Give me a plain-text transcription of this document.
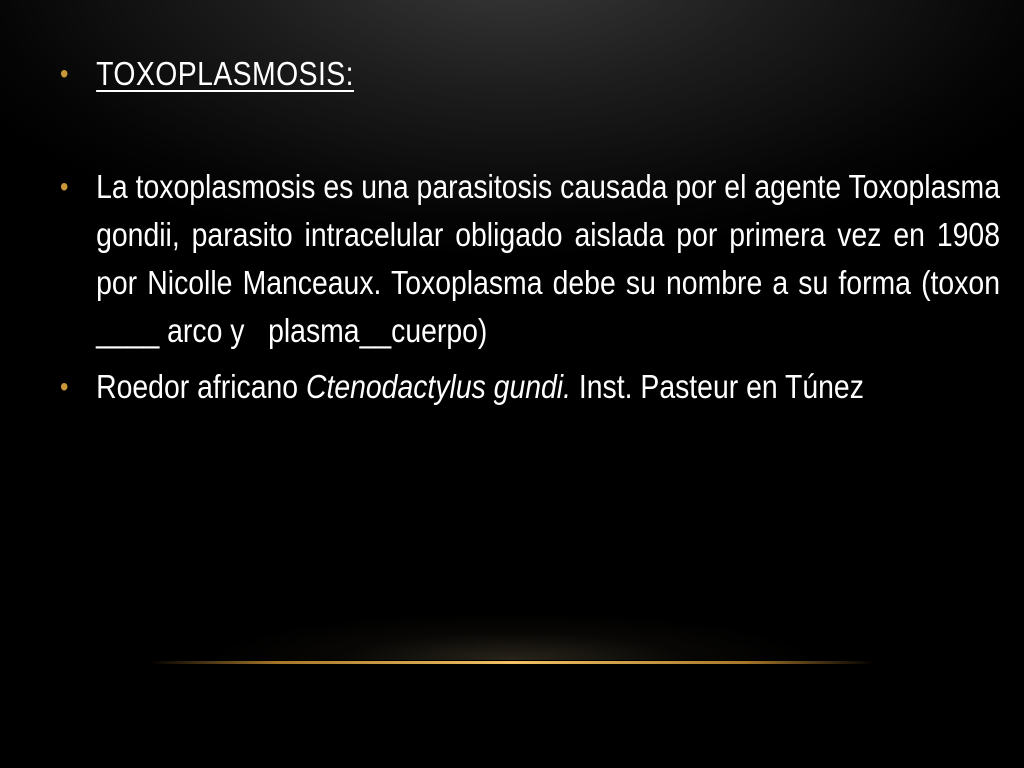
• TOXOPLASMOSIS:
• La toxoplasmosis es una parasitosis causada por el agente Toxoplasma gondii, parasito intracelular obligado aislada por primera vez en 1908 por Nicolle Manceaux. Toxoplasma debe su nombre a su forma (toxon ____ arco y   plasma__cuerpo)
• Roedor africano Ctenodactylus gundi. Inst. Pasteur en Túnez
